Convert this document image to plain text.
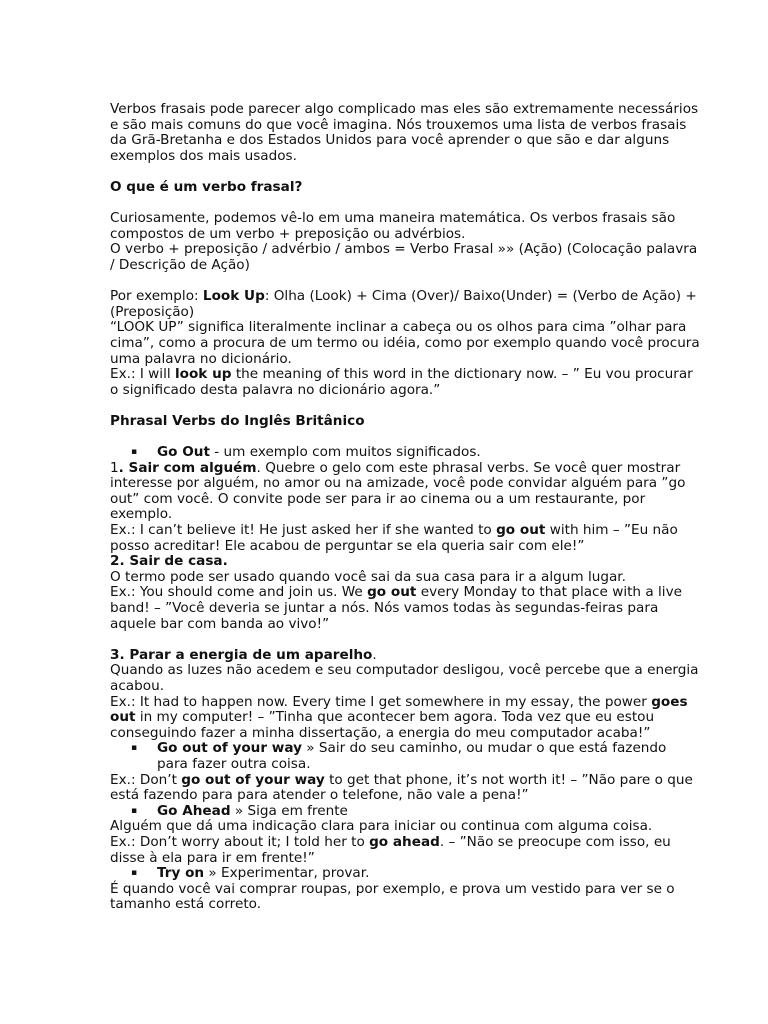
Verbos frasais pode parecer algo complicado mas eles são extremamente necessários e são mais comuns do que você imagina. Nós trouxemos uma lista de verbos frasais da Grã-Bretanha e dos Estados Unidos para você aprender o que são e dar alguns exemplos dos mais usados.

O que é um verbo frasal?

Curiosamente, podemos vê-lo em uma maneira matemática. Os verbos frasais são compostos de um verbo + preposição ou advérbios.

O verbo + preposição / advérbio / ambos = Verbo Frasal »» (Ação) (Colocação palavra / Descrição de Ação)

Por exemplo: Look Up: Olha (Look) + Cima (Over)/ Baixo(Under) = (Verbo de Ação) + (Preposição)

“LOOK UP” significa literalmente inclinar a cabeça ou os olhos para cima ”olhar para cima”, como a procura de um termo ou idéia, como por exemplo quando você procura uma palavra no dicionário.

Ex.: I will look up the meaning of this word in the dictionary now. – ” Eu vou procurar o significado desta palavra no dicionário agora.”

Phrasal Verbs do Inglês Britânico

▪ Go Out - um exemplo com muitos significados.

1. Sair com alguém. Quebre o gelo com este phrasal verbs. Se você quer mostrar interesse por alguém, no amor ou na amizade, você pode convidar alguém para ”go out” com você. O convite pode ser para ir ao cinema ou a um restaurante, por exemplo.

Ex.: I can’t believe it! He just asked her if she wanted to go out with him – ”Eu não posso acreditar! Ele acabou de perguntar se ela queria sair com ele!”

2. Sair de casa.

O termo pode ser usado quando você sai da sua casa para ir a algum lugar.

Ex.: You should come and join us. We go out every Monday to that place with a live band! – ”Você deveria se juntar a nós. Nós vamos todas às segundas-feiras para aquele bar com banda ao vivo!”

3. Parar a energia de um aparelho.

Quando as luzes não acedem e seu computador desligou, você percebe que a energia acabou.

Ex.: It had to happen now. Every time I get somewhere in my essay, the power goes out in my computer! – ”Tinha que acontecer bem agora. Toda vez que eu estou conseguindo fazer a minha dissertação, a energia do meu computador acaba!”

▪ Go out of your way » Sair do seu caminho, ou mudar o que está fazendo para fazer outra coisa.

Ex.: Don’t go out of your way to get that phone, it’s not worth it! – ”Não pare o que está fazendo para para atender o telefone, não vale a pena!”

▪ Go Ahead » Siga em frente

Alguém que dá uma indicação clara para iniciar ou continua com alguma coisa.

Ex.: Don’t worry about it; I told her to go ahead. – ”Não se preocupe com isso, eu disse à ela para ir em frente!”

▪ Try on » Experimentar, provar.

É quando você vai comprar roupas, por exemplo, e prova um vestido para ver se o tamanho está correto.
